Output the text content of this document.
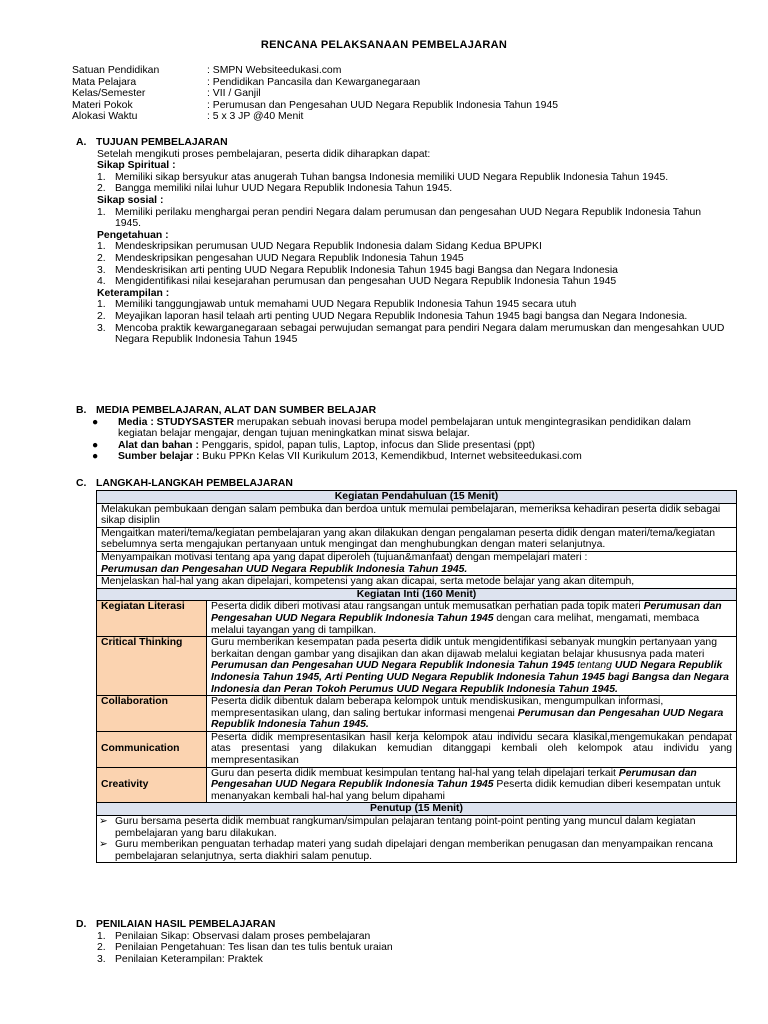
RENCANA PELAKSANAAN PEMBELAJARAN
Satuan Pendidikan	: SMPN Websiteedukasi.com
Mata Pelajara	: Pendidikan Pancasila dan Kewarganegaraan
Kelas/Semester	: VII / Ganjil
Materi Pokok	: Perumusan dan Pengesahan UUD Negara Republik Indonesia Tahun 1945
Alokasi Waktu	: 5 x 3 JP @40 Menit
A. TUJUAN PEMBELAJARAN
Setelah mengikuti proses pembelajaran, peserta didik diharapkan dapat:
Sikap Spiritual :
1. Memiliki sikap bersyukur atas anugerah Tuhan bangsa Indonesia memiliki UUD Negara Republik Indonesia Tahun 1945.
2. Bangga memiliki nilai luhur UUD Negara Republik Indonesia Tahun 1945.
Sikap sosial :
1. Memiliki perilaku menghargai peran pendiri Negara dalam perumusan dan pengesahan UUD Negara Republik Indonesia Tahun 1945.
Pengetahuan :
1. Mendeskripsikan perumusan UUD Negara Republik Indonesia dalam Sidang Kedua BPUPKI
2. Mendeskripsikan pengesahan UUD Negara Republik Indonesia Tahun 1945
3. Mendeskrisikan arti penting UUD Negara Republik Indonesia Tahun 1945 bagi Bangsa dan Negara Indonesia
4. Mengidentifikasi nilai kesejarahan perumusan dan pengesahan UUD Negara Republik Indonesia Tahun 1945
Keterampilan :
1. Memiliki tanggungjawab untuk memahami UUD Negara Republik Indonesia Tahun 1945 secara utuh
2. Meyajikan laporan hasil telaah arti penting UUD Negara Republik Indonesia Tahun 1945 bagi bangsa dan Negara Indonesia.
3. Mencoba praktik kewarganegaraan sebagai perwujudan semangat para pendiri Negara dalam merumuskan dan mengesahkan UUD Negara Republik Indonesia Tahun 1945
B. MEDIA PEMBELAJARAN, ALAT DAN SUMBER BELAJAR
●	Media : STUDYSASTER merupakan sebuah inovasi berupa model pembelajaran untuk mengintegrasikan pendidikan dalam kegiatan belajar mengajar, dengan tujuan meningkatkan minat siswa belajar.
●	Alat dan bahan : Penggaris, spidol, papan tulis, Laptop, infocus dan Slide presentasi (ppt)
●	Sumber belajar : Buku PPKn Kelas VII Kurikulum 2013, Kemendikbud, Internet websiteedukasi.com
C. LANGKAH-LANGKAH PEMBELAJARAN
Kegiatan Pendahuluan (15 Menit)	
Melakukan pembukaan dengan salam pembuka dan berdoa untuk memulai pembelajaran, memeriksa kehadiran peserta didik sebagai sikap disiplin	
Mengaitkan materi/tema/kegiatan pembelajaran yang akan dilakukan dengan pengalaman peserta didik dengan materi/tema/kegiatan sebelumnya serta mengajukan pertanyaan untuk mengingat dan menghubungkan dengan materi selanjutnya.	
Menyampaikan motivasi tentang apa yang dapat diperoleh (tujuan&manfaat) dengan mempelajari materi :
Perumusan dan Pengesahan UUD Negara Republik Indonesia Tahun 1945.	
Menjelaskan hal-hal yang akan dipelajari, kompetensi yang akan dicapai, serta metode belajar yang akan ditempuh,	
Kegiatan Inti (160 Menit)	
Kegiatan Literasi	Peserta didik diberi motivasi atau rangsangan untuk memusatkan perhatian pada topik materi Perumusan dan Pengesahan UUD Negara Republik Indonesia Tahun 1945 dengan cara melihat, mengamati, membaca melalui tayangan yang di tampilkan.
Critical Thinking	Guru memberikan kesempatan pada peserta didik untuk mengidentifikasi sebanyak mungkin pertanyaan yang berkaitan dengan gambar yang disajikan dan akan dijawab melalui kegiatan belajar khususnya pada materi Perumusan dan Pengesahan UUD Negara Republik Indonesia Tahun 1945 tentang UUD Negara Republik Indonesia Tahun 1945, Arti Penting UUD Negara Republik Indonesia Tahun 1945 bagi Bangsa dan Negara Indonesia dan Peran Tokoh Perumus UUD Negara Republik Indonesia Tahun 1945.
Collaboration	Peserta didik dibentuk dalam beberapa kelompok untuk mendiskusikan, mengumpulkan informasi, mempresentasikan ulang, dan saling bertukar informasi mengenai Perumusan dan Pengesahan UUD Negara Republik Indonesia Tahun 1945.
Communication	Peserta didik mempresentasikan hasil kerja kelompok atau individu secara klasikal,mengemukakan pendapat atas presentasi yang dilakukan kemudian ditanggapi kembali oleh kelompok atau individu yang mempresentasikan
Creativity	Guru dan peserta didik membuat kesimpulan tentang hal-hal yang telah dipelajari terkait Perumusan dan Pengesahan UUD Negara Republik Indonesia Tahun 1945 Peserta didik kemudian diberi kesempatan untuk menanyakan kembali hal-hal yang belum dipahami
Penutup (15 Menit)	

➢ Guru bersama peserta didik membuat rangkuman/simpulan pelajaran tentang point-point penting yang muncul dalam kegiatan pembelajaran yang baru dilakukan.
➢ Guru memberikan penguatan terhadap materi yang sudah dipelajari dengan memberikan penugasan dan menyampaikan rencana pembelajaran selanjutnya, serta diakhiri salam penutup.	
D. PENILAIAN HASIL PEMBELAJARAN
1. Penilaian Sikap: Observasi dalam proses pembelajaran
2. Penilaian Pengetahuan: Tes lisan dan tes tulis bentuk uraian
3. Penilaian Keterampilan: Praktek
